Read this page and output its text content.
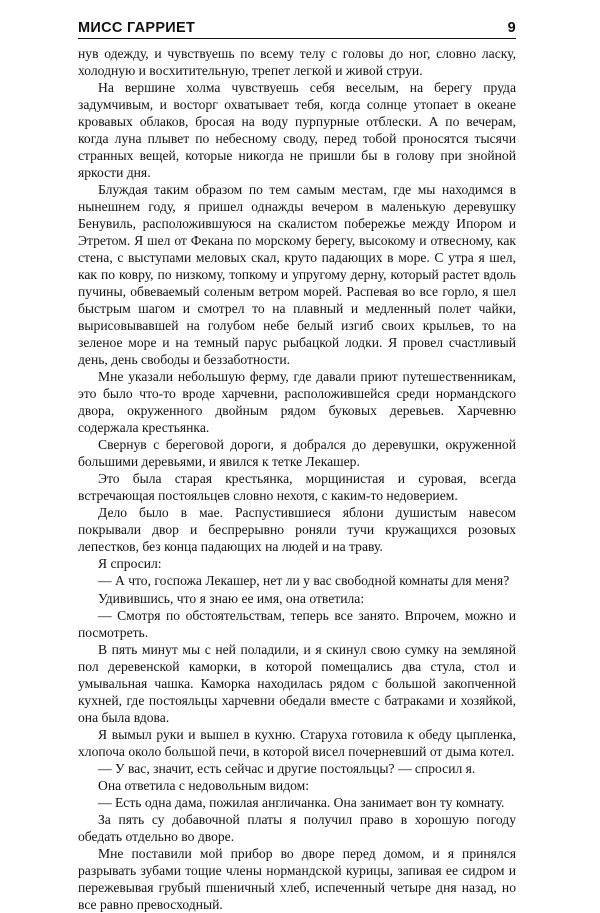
МИСС ГАРРИЕТ	9

нув одежду, и чувствуешь по всему телу с головы до ног, словно ласку, холодную и восхитительную, трепет легкой и живой струи.

На вершине холма чувствуешь себя веселым, на берегу пруда задумчивым, и восторг охватывает тебя, когда солнце утопает в океане кровавых облаков, бросая на воду пурпурные отблески. А по вечерам, когда луна плывет по небесному своду, перед тобой проносятся тысячи странных вещей, которые никогда не пришли бы в голову при знойной яркости дня.

Блуждая таким образом по тем самым местам, где мы находимся в нынешнем году, я пришел однажды вечером в маленькую деревушку Бенувиль, расположившуюся на скалистом побережье между Ипором и Этретом. Я шел от Фекана по морскому берегу, высокому и отвесному, как стена, с выступами меловых скал, круто падающих в море. С утра я шел, как по ковру, по низкому, топкому и упругому дерну, который растет вдоль пучины, обвеваемый соленым ветром морей. Распевая во все горло, я шел быстрым шагом и смотрел то на плавный и медленный полет чайки, вырисовывавшей на голубом небе белый изгиб своих крыльев, то на зеленое море и на темный парус рыбацкой лодки. Я провел счастливый день, день свободы и беззаботности.

Мне указали небольшую ферму, где давали приют путешественникам, это было что-то вроде харчевни, расположившейся среди нормандского двора, окруженного двойным рядом буковых деревьев. Харчевню содержала крестьянка.

Свернув с береговой дороги, я добрался до деревушки, окруженной большими деревьями, и явился к тетке Лекашер.

Это была старая крестьянка, морщинистая и суровая, всегда встречающая постояльцев словно нехотя, с каким-то недоверием.

Дело было в мае. Распустившиеся яблони душистым навесом покрывали двор и беспрерывно роняли тучи кружащихся розовых лепестков, без конца падающих на людей и на траву.

Я спросил:

— А что, госпожа Лекашер, нет ли у вас свободной комнаты для меня?

Удивившись, что я знаю ее имя, она ответила:

— Смотря по обстоятельствам, теперь все занято. Впрочем, можно и посмотреть.

В пять минут мы с ней поладили, и я скинул свою сумку на земляной пол деревенской каморки, в которой помещались два стула, стол и умывальная чашка. Каморка находилась рядом с большой закопченной кухней, где постояльцы харчевни обедали вместе с батраками и хозяйкой, она была вдова.

Я вымыл руки и вышел в кухню. Старуха готовила к обеду цыпленка, хлопоча около большой печи, в которой висел почерневший от дыма котел.

— У вас, значит, есть сейчас и другие постояльцы? — спросил я.

Она ответила с недовольным видом:

— Есть одна дама, пожилая англичанка. Она занимает вон ту комнату.

За пять су добавочной платы я получил право в хорошую погоду обедать отдельно во дворе.

Мне поставили мой прибор во дворе перед домом, и я принялся разрывать зубами тощие члены нормандской курицы, запивая ее сидром и пережевывая грубый пшеничный хлеб, испеченный четыре дня назад, но все равно превосходный.
